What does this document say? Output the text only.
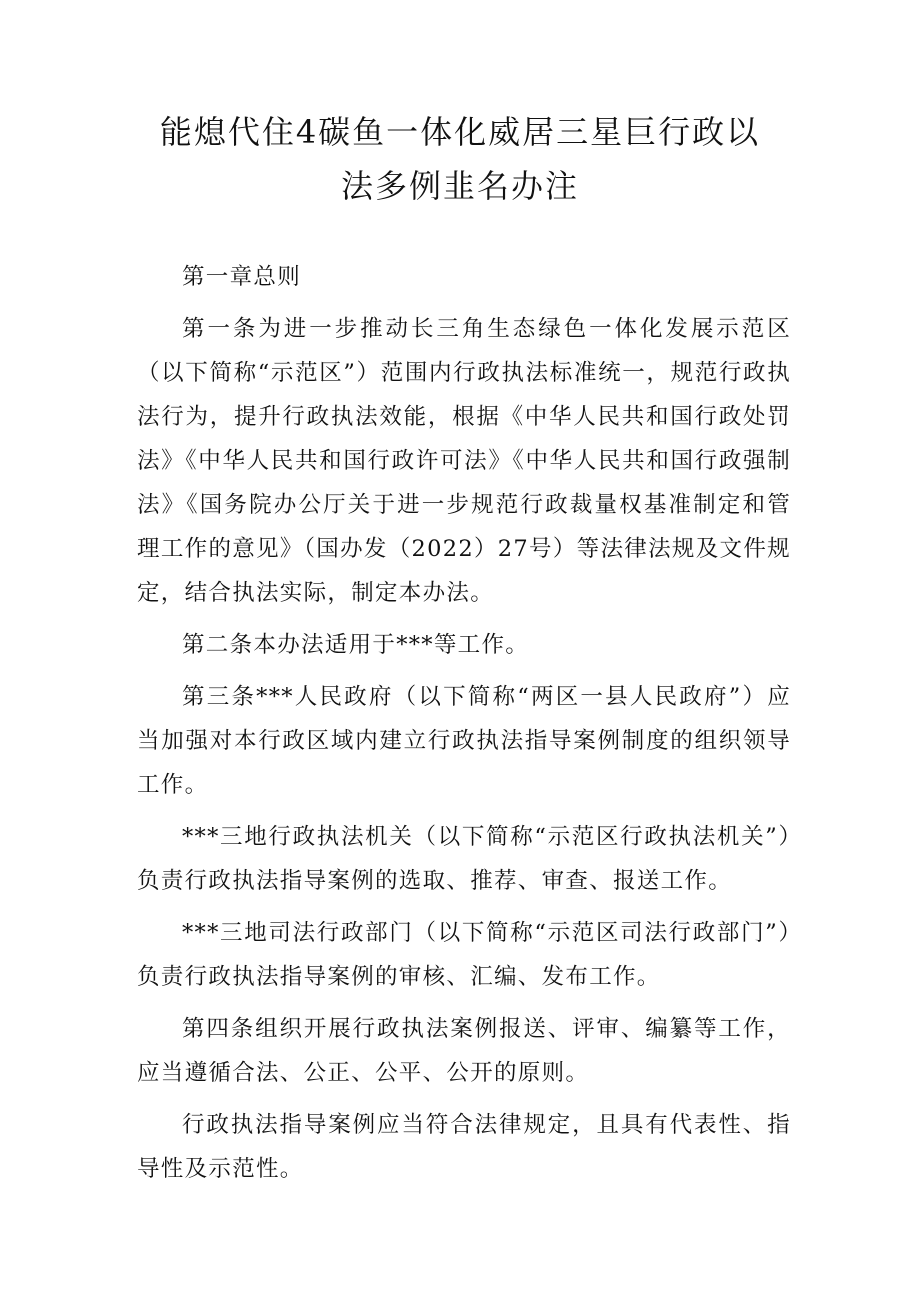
能熄代住4碳鱼一体化威居三星巨行政以
法多例韭名办注

第一章总则

第一条为进一步推动长三角生态绿色一体化发展示范区（以下简称“示范区”）范围内行政执法标准统一，规范行政执法行为，提升行政执法效能，根据《中华人民共和国行政处罚法》《中华人民共和国行政许可法》《中华人民共和国行政强制法》《国务院办公厅关于进一步规范行政裁量权基准制定和管理工作的意见》（国办发（2022）27号）等法律法规及文件规定，结合执法实际，制定本办法。

第二条本办法适用于***等工作。

第三条***人民政府（以下简称“两区一县人民政府”）应当加强对本行政区域内建立行政执法指导案例制度的组织领导工作。

***三地行政执法机关（以下简称“示范区行政执法机关”）负责行政执法指导案例的选取、推荐、审查、报送工作。

***三地司法行政部门（以下简称“示范区司法行政部门”）负责行政执法指导案例的审核、汇编、发布工作。

第四条组织开展行政执法案例报送、评审、编纂等工作，应当遵循合法、公正、公平、公开的原则。

行政执法指导案例应当符合法律规定，且具有代表性、指导性及示范性。
